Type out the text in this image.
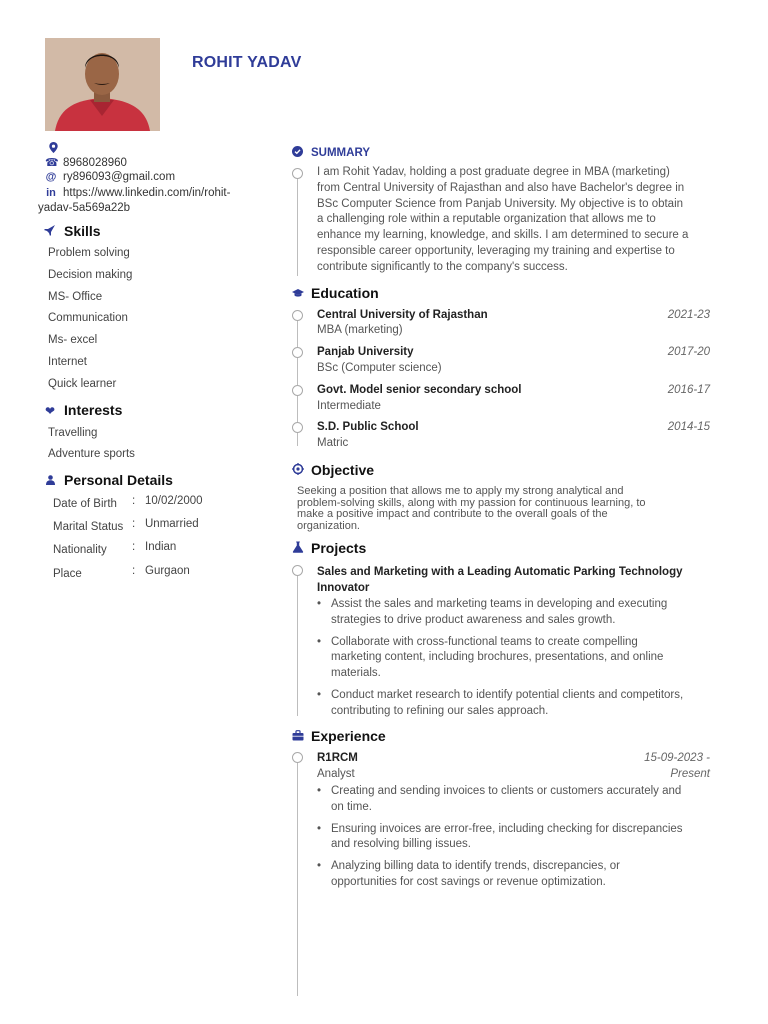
ROHIT YADAV
☎ 8968028960
@ ry896093@gmail.com
in https://www.linkedin.com/in/rohit-
yadav-5a569a22b
Skills
Problem solving
Decision making
MS- Office
Communication
Ms- excel
Internet
Quick learner
❤ Interests
Travelling
Adventure sports
Personal Details
Date of Birth : 10/02/2000
Marital Status : Unmarried
Nationality : Indian
Place	: Gurgaon
SUMMARY
I am Rohit Yadav, holding a post graduate degree in MBA (marketing)
from Central University of Rajasthan and also have Bachelor's degree in
BSc Computer Science from Panjab University. My objective is to obtain
a challenging role within a reputable organization that allows me to
enhance my learning, knowledge, and skills. I am determined to secure a
responsible career opportunity, leveraging my training and expertise to
contribute significantly to the company's success.
Education
Central University of Rajasthan	2021-23
MBA (marketing)
Panjab University	2017-20
BSc (Computer science)
Govt. Model senior secondary school	2016-17
Intermediate
S.D. Public School	2014-15
Matric
Objective
Seeking a position that allows me to apply my strong analytical and
problem-solving skills, along with my passion for continuous learning, to
make a positive impact and contribute to the overall goals of the
organization.
Projects
Sales and Marketing with a Leading Automatic Parking Technology
Innovator
• Assist the sales and marketing teams in developing and executing
strategies to drive product awareness and sales growth.
• Collaborate with cross-functional teams to create compelling
marketing content, including brochures, presentations, and online
materials.
• Conduct market research to identify potential clients and competitors,
contributing to refining our sales approach.
Experience
R1RCM	15-09-2023 -
Analyst	Present
• Creating and sending invoices to clients or customers accurately and
on time.
• Ensuring invoices are error-free, including checking for discrepancies
and resolving billing issues.
• Analyzing billing data to identify trends, discrepancies, or
opportunities for cost savings or revenue optimization.
